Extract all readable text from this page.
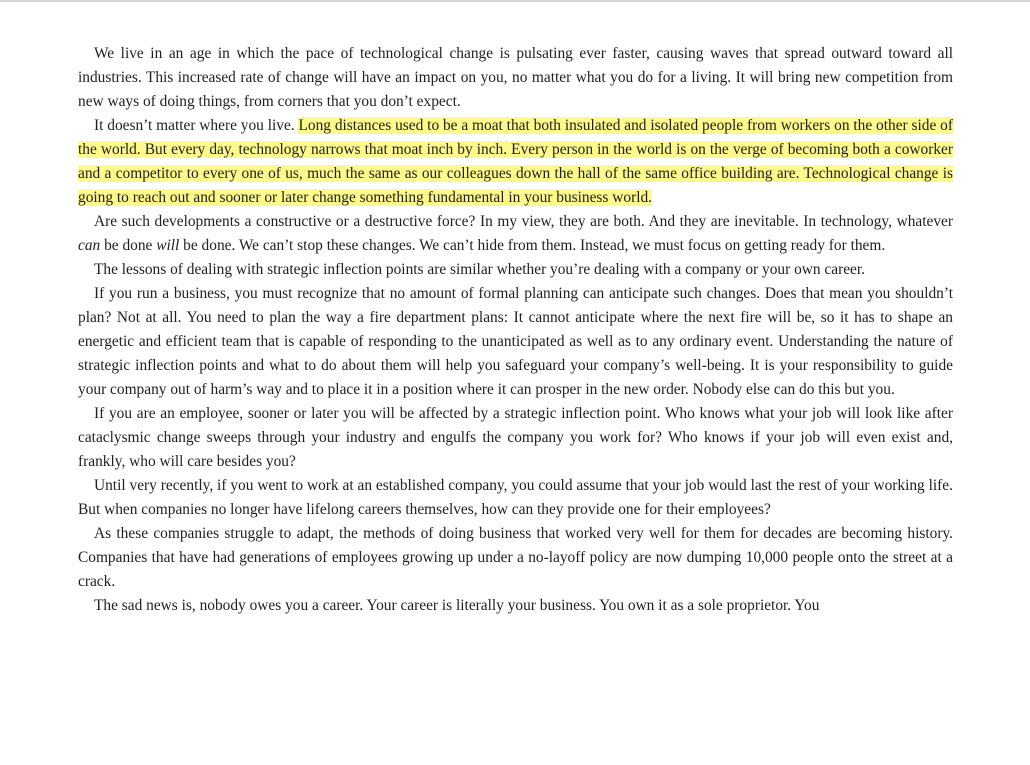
We live in an age in which the pace of technological change is pulsating ever faster, causing waves that spread outward toward all industries. This increased rate of change will have an impact on you, no matter what you do for a living. It will bring new competition from new ways of doing things, from corners that you don’t expect.

It doesn’t matter where you live. Long distances used to be a moat that both insulated and isolated people from workers on the other side of the world. But every day, technology narrows that moat inch by inch. Every person in the world is on the verge of becoming both a coworker and a competitor to every one of us, much the same as our colleagues down the hall of the same office building are. Technological change is going to reach out and sooner or later change something fundamental in your business world.

Are such developments a constructive or a destructive force? In my view, they are both. And they are inevitable. In technology, whatever can be done will be done. We can’t stop these changes. We can’t hide from them. Instead, we must focus on getting ready for them.

The lessons of dealing with strategic inflection points are similar whether you’re dealing with a company or your own career.

If you run a business, you must recognize that no amount of formal planning can anticipate such changes. Does that mean you shouldn’t plan? Not at all. You need to plan the way a fire department plans: It cannot anticipate where the next fire will be, so it has to shape an energetic and efficient team that is capable of responding to the unanticipated as well as to any ordinary event. Understanding the nature of strategic inflection points and what to do about them will help you safeguard your company’s well-being. It is your responsibility to guide your company out of harm’s way and to place it in a position where it can prosper in the new order. Nobody else can do this but you.

If you are an employee, sooner or later you will be affected by a strategic inflection point. Who knows what your job will look like after cataclysmic change sweeps through your industry and engulfs the company you work for? Who knows if your job will even exist and, frankly, who will care besides you?

Until very recently, if you went to work at an established company, you could assume that your job would last the rest of your working life. But when companies no longer have lifelong careers themselves, how can they provide one for their employees?

As these companies struggle to adapt, the methods of doing business that worked very well for them for decades are becoming history. Companies that have had generations of employees growing up under a no-layoff policy are now dumping 10,000 people onto the street at a crack.

The sad news is, nobody owes you a career. Your career is literally your business. You own it as a sole proprietor. You
